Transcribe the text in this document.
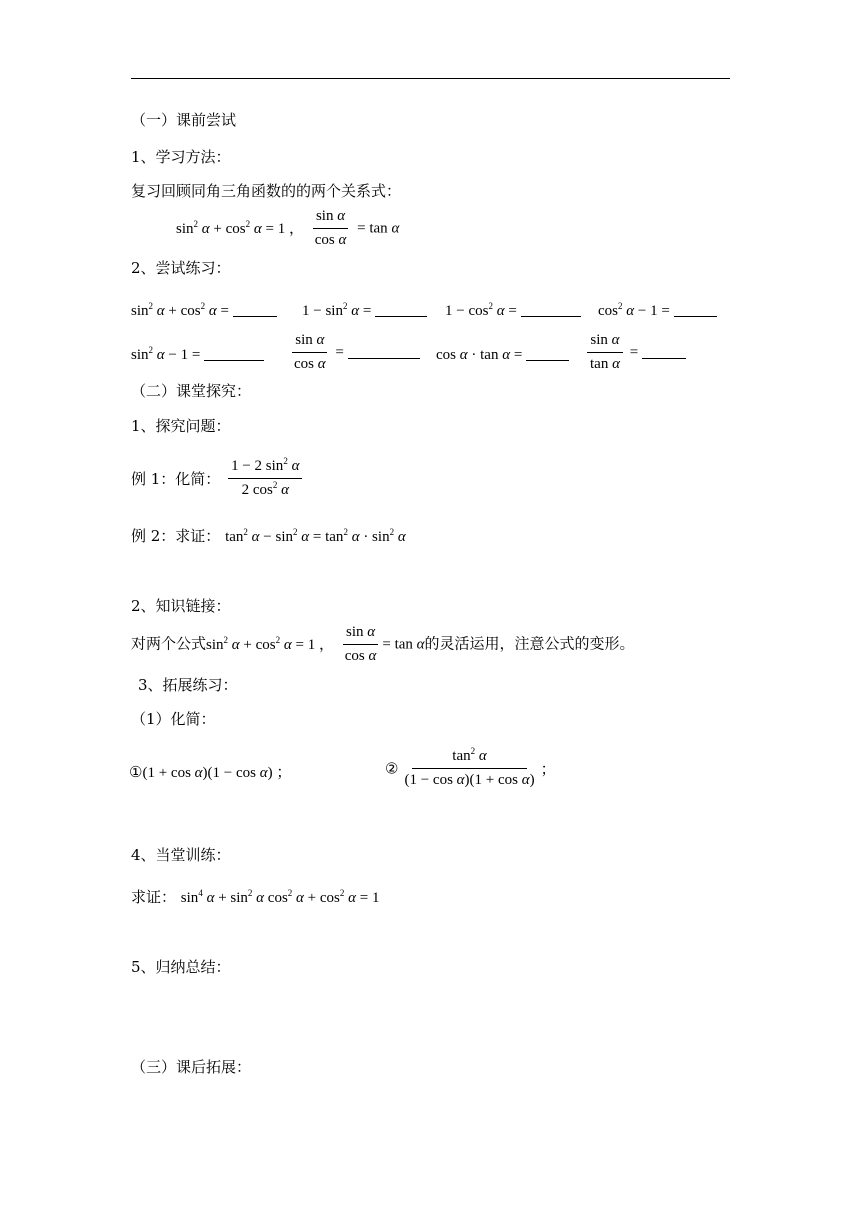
（一）课前尝试
1、学习方法：
复习回顾同角三角函数的的两个关系式：
$\sin^2 \alpha + \cos^2 \alpha = 1$ ， $\frac{\text{sin α}}{\text{cos α}} = \tan \alpha$
2、尝试练习：
$\sin^2 \alpha + \cos^2 \alpha$ =	$1 - \sin^2 \alpha$ =	$1 - \cos^2 \alpha$ =	$\cos^2 \alpha - 1$ =
$\sin^2 \alpha - 1$ =	$\frac{\text{sin α}}{\text{cos α}}$ =	cos α · tan α =	$\frac{\text{sin α}}{\text{tan α}}$ =
（二）课堂探究：
1、探究问题：
例 1：化简： $\frac{1 - 2 \sin^2 \alpha}{2 \cos^2 \alpha}$
例 2：求证： $\tan^2 \alpha - \sin^2 \alpha = \tan^2 \alpha \cdot \sin^2 \alpha$
2、知识链接：
对两个公式$\sin^2 \alpha + \cos^2 \alpha = 1$ ， $\frac{\text{sin α}}{\text{cos α}} = \tan \alpha$的灵活运用，注意公式的变形。
3、拓展练习：
（1）化简：
①(1 + cos α)(1 − cos α) ；	② $\frac{\tan^2 \alpha}{\text{(1 − cos α)(1 + cos α)}}$ ；
4、当堂训练：
求证： $\sin^4 \alpha + \sin^2 \alpha$ $\cos^2 \alpha + \cos^2 \alpha = 1$
5、归纳总结：
（三）课后拓展：
